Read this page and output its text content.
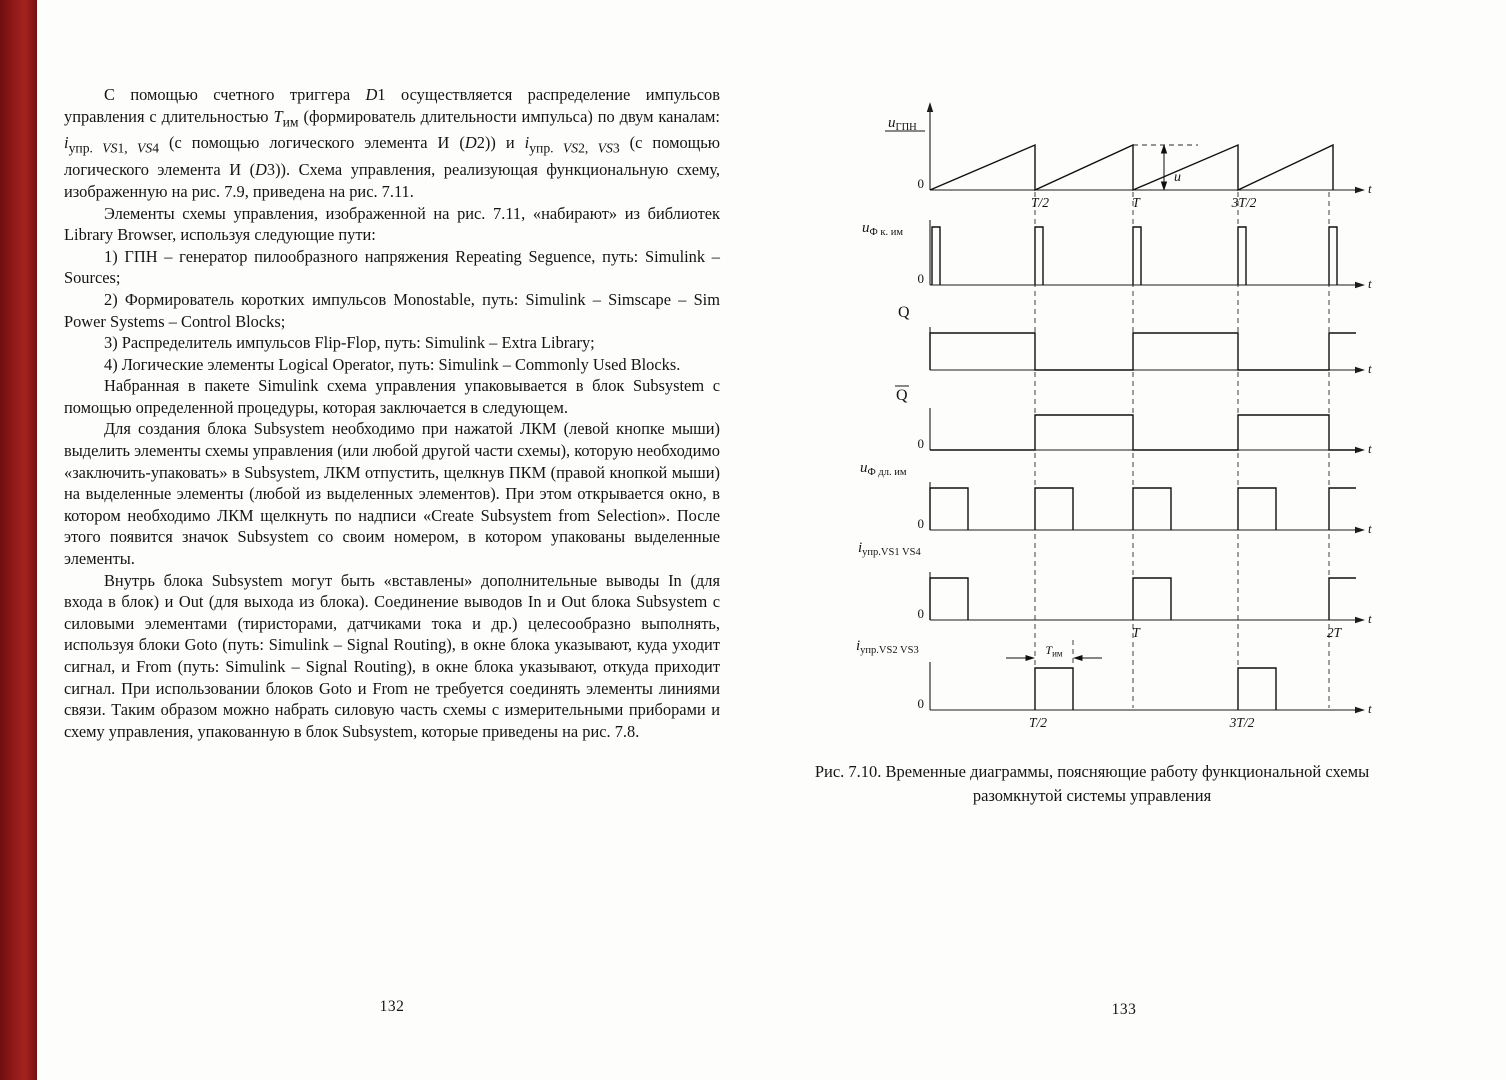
С помощью счетного триггера D1 осуществляется распределение импульсов управления с длительностью $Т_{им}$ (формирователь длительности импульса) по двум каналам: $i_{упр. VS1, VS4}$ (с помощью логического элемента И (D2)) и $i_{упр. VS2, VS3}$ (с помощью логического элемента И (D3)). Схема управления, реализующая функциональную схему, изображенную на рис. 7.9, приведена на рис. 7.11.

Элементы схемы управления, изображенной на рис. 7.11, «набирают» из библиотек Library Browser, используя следующие пути:

1) ГПН – генератор пилообразного напряжения Repeating Seguence, путь: Simulink – Sources;

2) Формирователь коротких импульсов Monostable, путь: Simulink – Simscape – Sim Power Systems – Control Blocks;

3) Распределитель импульсов Flip-Flop, путь: Simulink – Extra Library;

4) Логические элементы Logical Operator, путь: Simulink – Commonly Used Blocks.

Набранная в пакете Simulink схема управления упаковывается в блок Subsystem с помощью определенной процедуры, которая заключается в следующем.

Для создания блока Subsystem необходимо при нажатой ЛКМ (левой кнопке мыши) выделить элементы схемы управления (или любой другой части схемы), которую необходимо «заключить-упаковать» в Subsystem, ЛКМ отпустить, щелкнув ПКМ (правой кнопкой мыши) на выделенные элементы (любой из выделенных элементов). При этом открывается окно, в котором необходимо ЛКМ щелкнуть по надписи «Create Subsystem from Selection». После этого появится значок Subsystem со своим номером, в котором упакованы выделенные элементы.

Внутрь блока Subsystem могут быть «вставлены» дополнительные выводы In (для входа в блок) и Out (для выхода из блока). Соединение выводов In и Out блока Subsystem с силовыми элементами (тиристорами, датчиками тока и др.) целесообразно выполнять, используя блоки Goto (путь: Simulink – Signal Routing), в окне блока указывают, куда уходит сигнал, и From (путь: Simulink – Signal Routing), в окне блока указывают, откуда приходит сигнал. При использовании блоков Goto и From не требуется соединять элементы линиями связи. Таким образом можно набрать силовую часть схемы с измерительными приборами и схему управления, упакованную в блок Subsystem, которые приведены на рис. 7.8.

132
$u_{ГПН}$
$u_{Ф к. им}$
Q
Q
$u_{Ф дл. им}$
$i_{упр.VS1 VS4}$
$i_{упр.VS2 VS3}$
0
0
0
0
0
0
t
t
t
t
t
t
t
T/2	T	3T/2
T	2T
T/2	3T/2
u
$Т_{им}$
Рис. 7.10. Временные диаграммы, поясняющие работу функциональной схемы
разомкнутой системы управления
133
